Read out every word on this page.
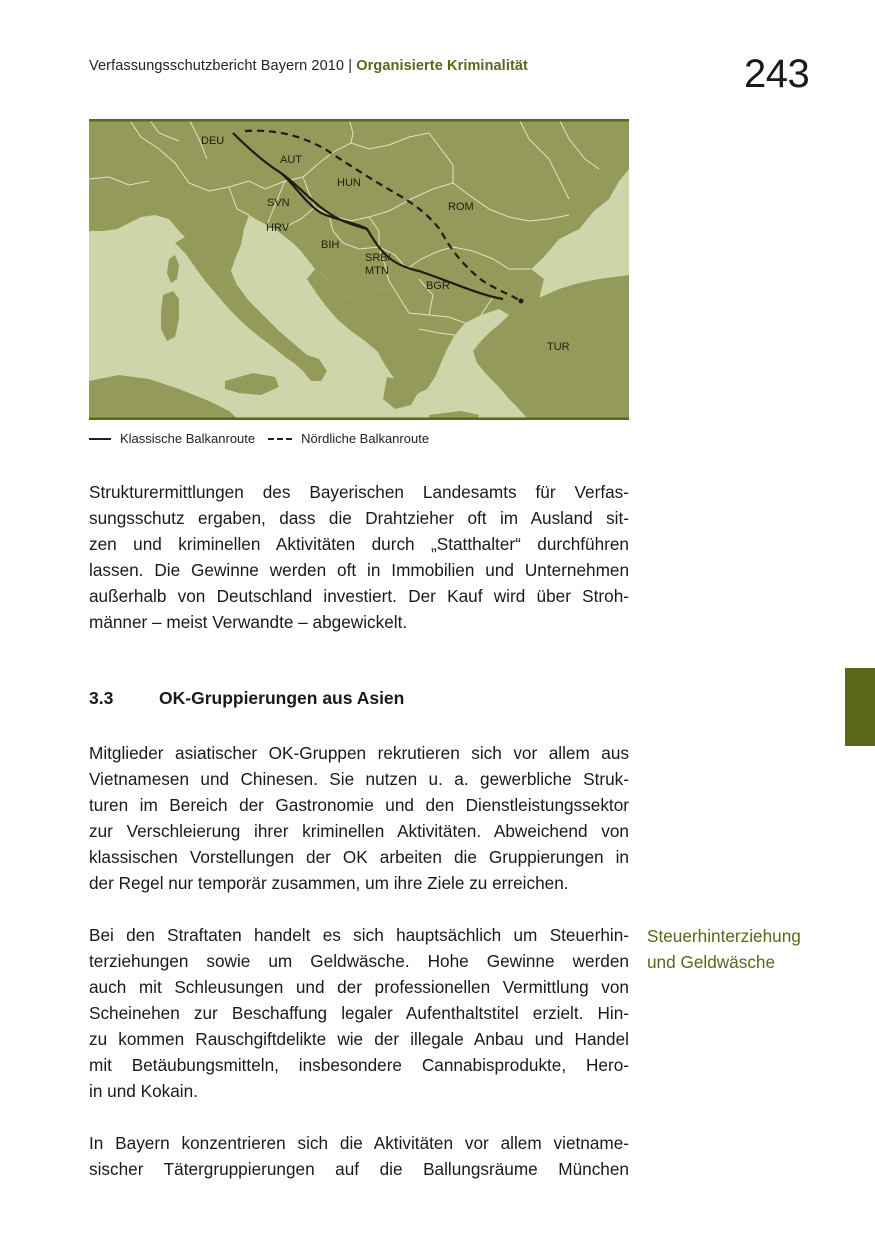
Verfassungsschutzbericht Bayern 2010 | Organisierte Kriminalität	243
DEU
AUT
HUN
SVN
HRV
ROM
BIH
SRB/
MTN
BGR
TUR
Klassische Balkanroute	Nördliche Balkanroute
Strukturermittlungen des Bayerischen Landesamts für Verfas-
sungsschutz ergaben, dass die Drahtzieher oft im Ausland sit-
zen und kriminellen Aktivitäten durch „Statthalter“ durchführen
lassen. Die Gewinne werden oft in Immobilien und Unternehmen
außerhalb von Deutschland investiert. Der Kauf wird über Stroh-
männer – meist Verwandte – abgewickelt.
3.3	OK-Gruppierungen aus Asien
Mitglieder asiatischer OK-Gruppen rekrutieren sich vor allem aus
Vietnamesen und Chinesen. Sie nutzen u. a. gewerbliche Struk-
turen im Bereich der Gastronomie und den Dienstleistungssektor
zur Verschleierung ihrer kriminellen Aktivitäten. Abweichend von
klassischen Vorstellungen der OK arbeiten die Gruppierungen in
der Regel nur temporär zusammen, um ihre Ziele zu erreichen.
Bei den Straftaten handelt es sich hauptsächlich um Steuerhin-
terziehungen sowie um Geldwäsche. Hohe Gewinne werden
auch mit Schleusungen und der professionellen Vermittlung von
Scheinehen zur Beschaffung legaler Aufenthaltstitel erzielt. Hin-
zu kommen Rauschgiftdelikte wie der illegale Anbau und Handel
mit Betäubungsmitteln, insbesondere Cannabisprodukte, Hero-
in und Kokain.
Steuerhinterziehung
und Geldwäsche
In Bayern konzentrieren sich die Aktivitäten vor allem vietname-
sischer Tätergruppierungen auf die Ballungsräume München
